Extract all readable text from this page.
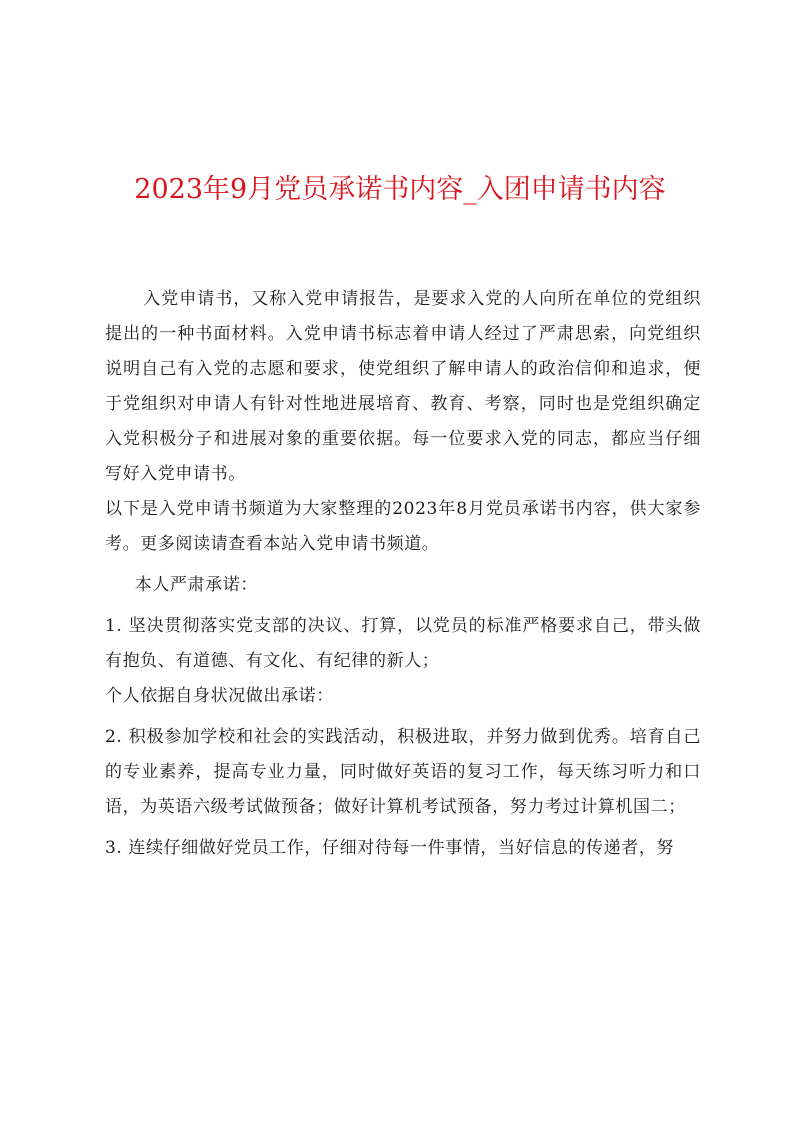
2023年9月党员承诺书内容_入团申请书内容

入党申请书，又称入党申请报告，是要求入党的人向所在单位的党组织提出的一种书面材料。入党申请书标志着申请人经过了严肃思索，向党组织说明自己有入党的志愿和要求，使党组织了解申请人的政治信仰和追求，便于党组织对申请人有针对性地进展培育、教育、考察，同时也是党组织确定入党积极分子和进展对象的重要依据。每一位要求入党的同志，都应当仔细写好入党申请书。

以下是入党申请书频道为大家整理的2023年8月党员承诺书内容，供大家参考。更多阅读请查看本站入党申请书频道。

本人严肃承诺：

1. 坚决贯彻落实党支部的决议、打算，以党员的标准严格要求自己，带头做有抱负、有道德、有文化、有纪律的新人；

个人依据自身状况做出承诺：

2. 积极参加学校和社会的实践活动，积极进取，并努力做到优秀。培育自己的专业素养，提高专业力量，同时做好英语的复习工作，每天练习听力和口语，为英语六级考试做预备；做好计算机考试预备，努力考过计算机国二；

3. 连续仔细做好党员工作，仔细对待每一件事情，当好信息的传递者，努
